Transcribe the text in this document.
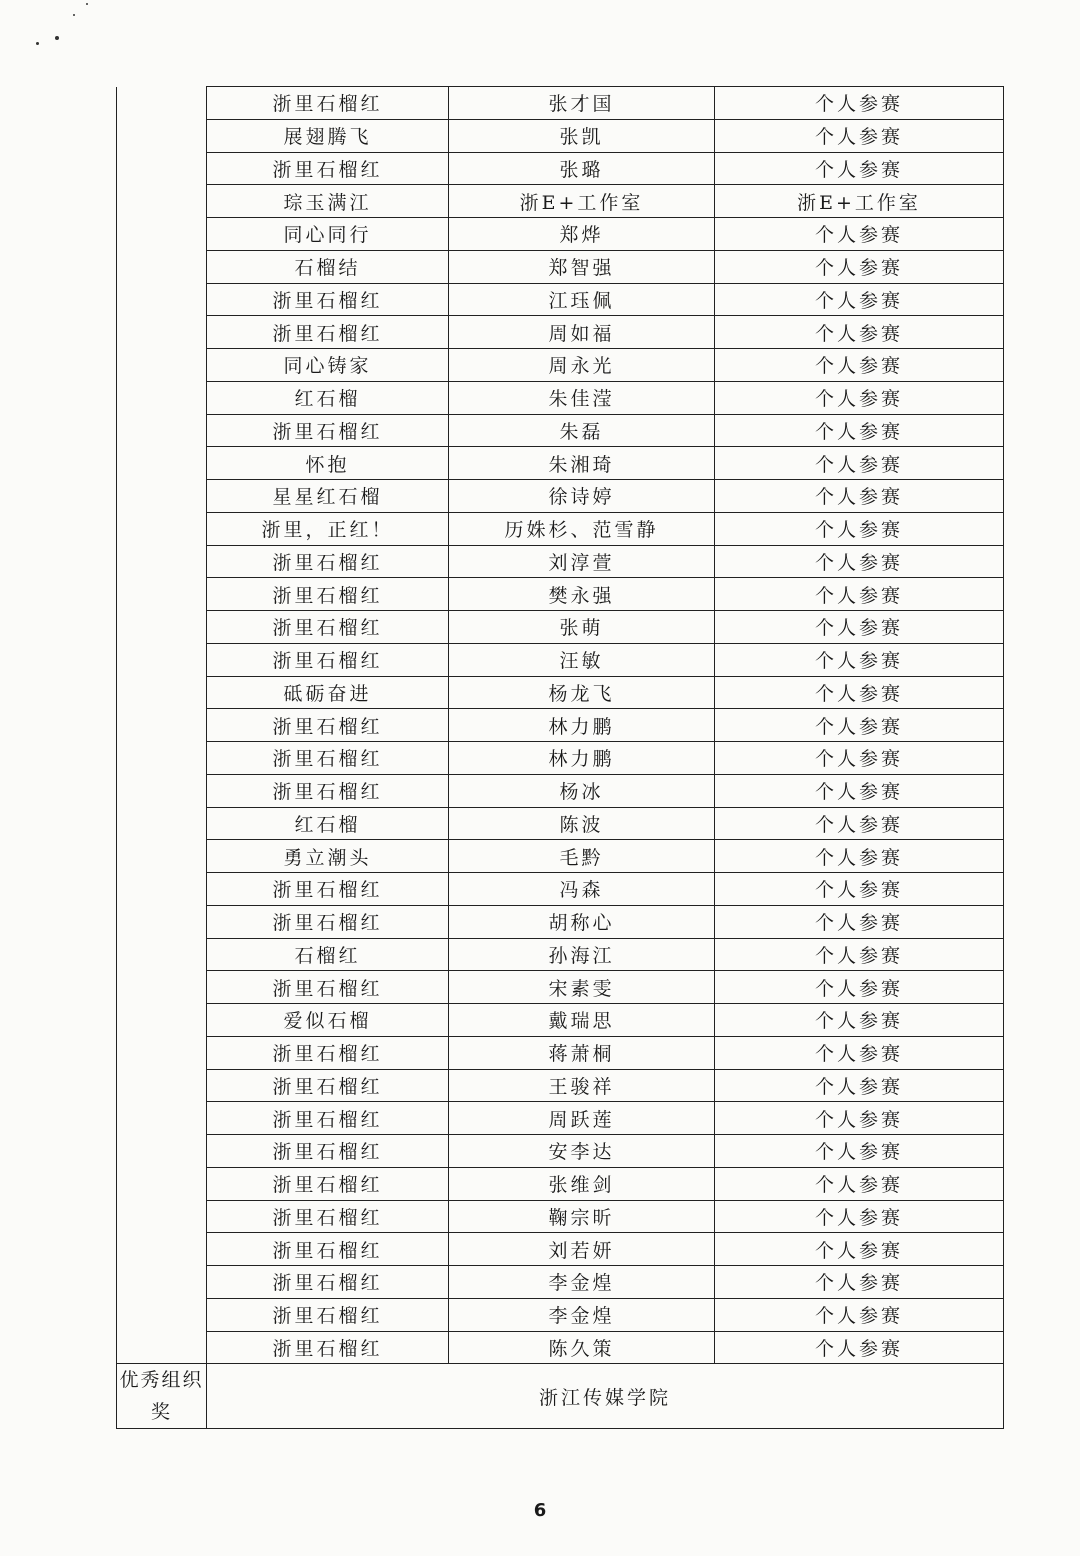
	浙里石榴红	张才国	个人参赛
	展翅腾飞	张凯	个人参赛
	浙里石榴红	张璐	个人参赛
	琮玉满江	浙E+工作室	浙E+工作室
	同心同行	郑烨	个人参赛
	石榴结	郑智强	个人参赛
	浙里石榴红	江珏佩	个人参赛
	浙里石榴红	周如福	个人参赛
	同心铸家	周永光	个人参赛
	红石榴	朱佳滢	个人参赛
	浙里石榴红	朱磊	个人参赛
	怀抱	朱湘琦	个人参赛
	星星红石榴	徐诗婷	个人参赛
	浙里，正红！	历姝杉、范雪静	个人参赛
	浙里石榴红	刘淳萱	个人参赛
	浙里石榴红	樊永强	个人参赛
	浙里石榴红	张萌	个人参赛
	浙里石榴红	汪敏	个人参赛
	砥砺奋进	杨龙飞	个人参赛
	浙里石榴红	林力鹏	个人参赛
	浙里石榴红	林力鹏	个人参赛
	浙里石榴红	杨冰	个人参赛
	红石榴	陈波	个人参赛
	勇立潮头	毛黔	个人参赛
	浙里石榴红	冯森	个人参赛
	浙里石榴红	胡称心	个人参赛
	石榴红	孙海江	个人参赛
	浙里石榴红	宋素雯	个人参赛
	爱似石榴	戴瑞思	个人参赛
	浙里石榴红	蒋萧桐	个人参赛
	浙里石榴红	王骏祥	个人参赛
	浙里石榴红	周跃莲	个人参赛
	浙里石榴红	安李达	个人参赛
	浙里石榴红	张维剑	个人参赛
	浙里石榴红	鞠宗昕	个人参赛
	浙里石榴红	刘若妍	个人参赛
	浙里石榴红	李金煌	个人参赛
	浙里石榴红	李金煌	个人参赛
	浙里石榴红	陈久策	个人参赛
优秀组织奖	浙江传媒学院		
6
